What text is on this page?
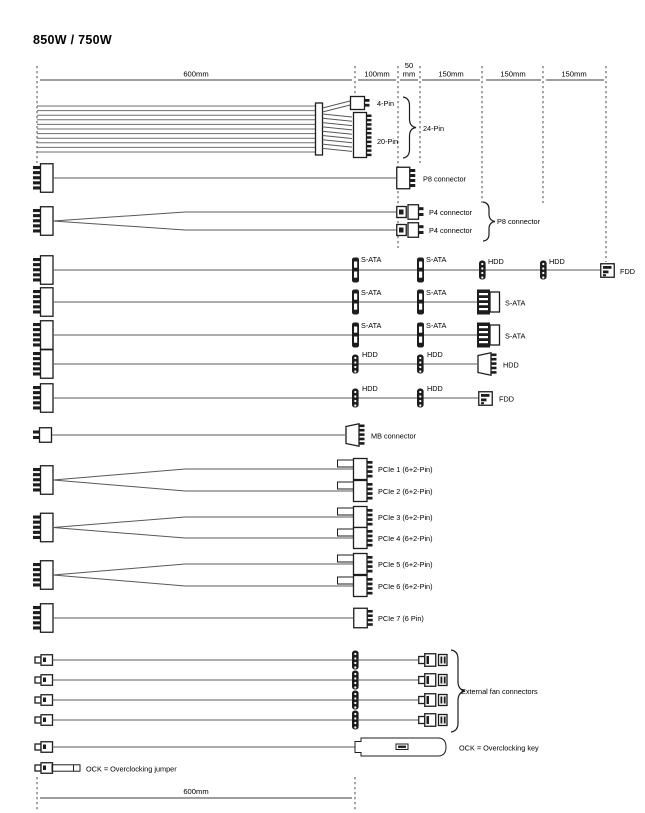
850W / 750W
600mm	100mm
50
mm	150mm	150mm	150mm
4-Pin
20-Pin
24-Pin
P8 connector
P4 connector
P4 connector
P8 connector
S-ATA	S-ATA	HDD	HDD
FDD
S-ATA	S-ATA
S-ATA
S-ATA	S-ATA
S-ATA
HDD	HDD
HDD
HDD	HDD
FDD
MB connector
PCIe 1 (6+2-Pin)
PCIe 2 (6+2-Pin)
PCIe 3 (6+2-Pin)
PCIe 4 (6+2-Pin)
PCIe 5 (6+2-Pin)
PCIe 6 (6+2-Pin)
PCIe 7 (6 Pin)
External fan connectors
OCK = Overclocking key
OCK = Overclocking jumper
600mm
